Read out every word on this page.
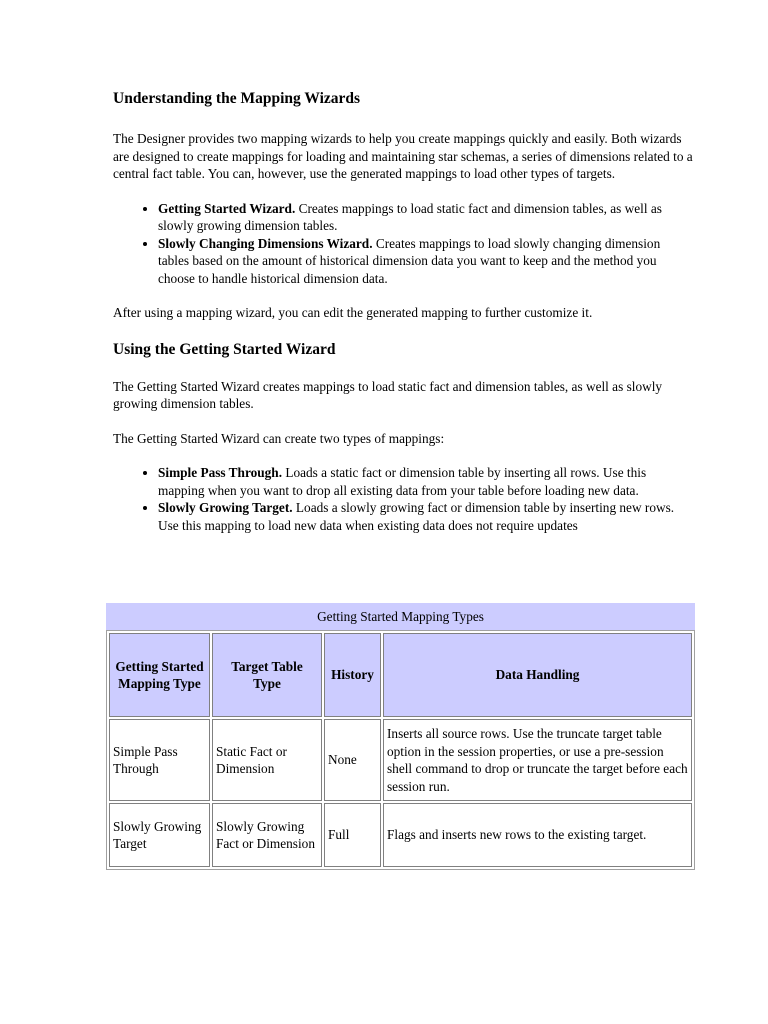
Understanding the Mapping Wizards

The Designer provides two mapping wizards to help you create mappings quickly and easily. Both wizards are designed to create mappings for loading and maintaining star schemas, a series of dimensions related to a central fact table. You can, however, use the generated mappings to load other types of targets.

• Getting Started Wizard. Creates mappings to load static fact and dimension tables, as well as slowly growing dimension tables.
• Slowly Changing Dimensions Wizard. Creates mappings to load slowly changing dimension tables based on the amount of historical dimension data you want to keep and the method you choose to handle historical dimension data.

After using a mapping wizard, you can edit the generated mapping to further customize it.

Using the Getting Started Wizard

The Getting Started Wizard creates mappings to load static fact and dimension tables, as well as slowly growing dimension tables.

The Getting Started Wizard can create two types of mappings:

• Simple Pass Through. Loads a static fact or dimension table by inserting all rows. Use this mapping when you want to drop all existing data from your table before loading new data.
• Slowly Growing Target. Loads a slowly growing fact or dimension table by inserting new rows. Use this mapping to load new data when existing data does not require updates
Getting Started Mapping Types
Getting Started Mapping Type	Target Table Type	History	Data Handling
Simple Pass Through	Static Fact or Dimension	None	Inserts all source rows. Use the truncate target table option in the session properties, or use a pre-session shell command to drop or truncate the target before each session run.
Slowly Growing Target	Slowly Growing Fact or Dimension	Full	Flags and inserts new rows to the existing target.
